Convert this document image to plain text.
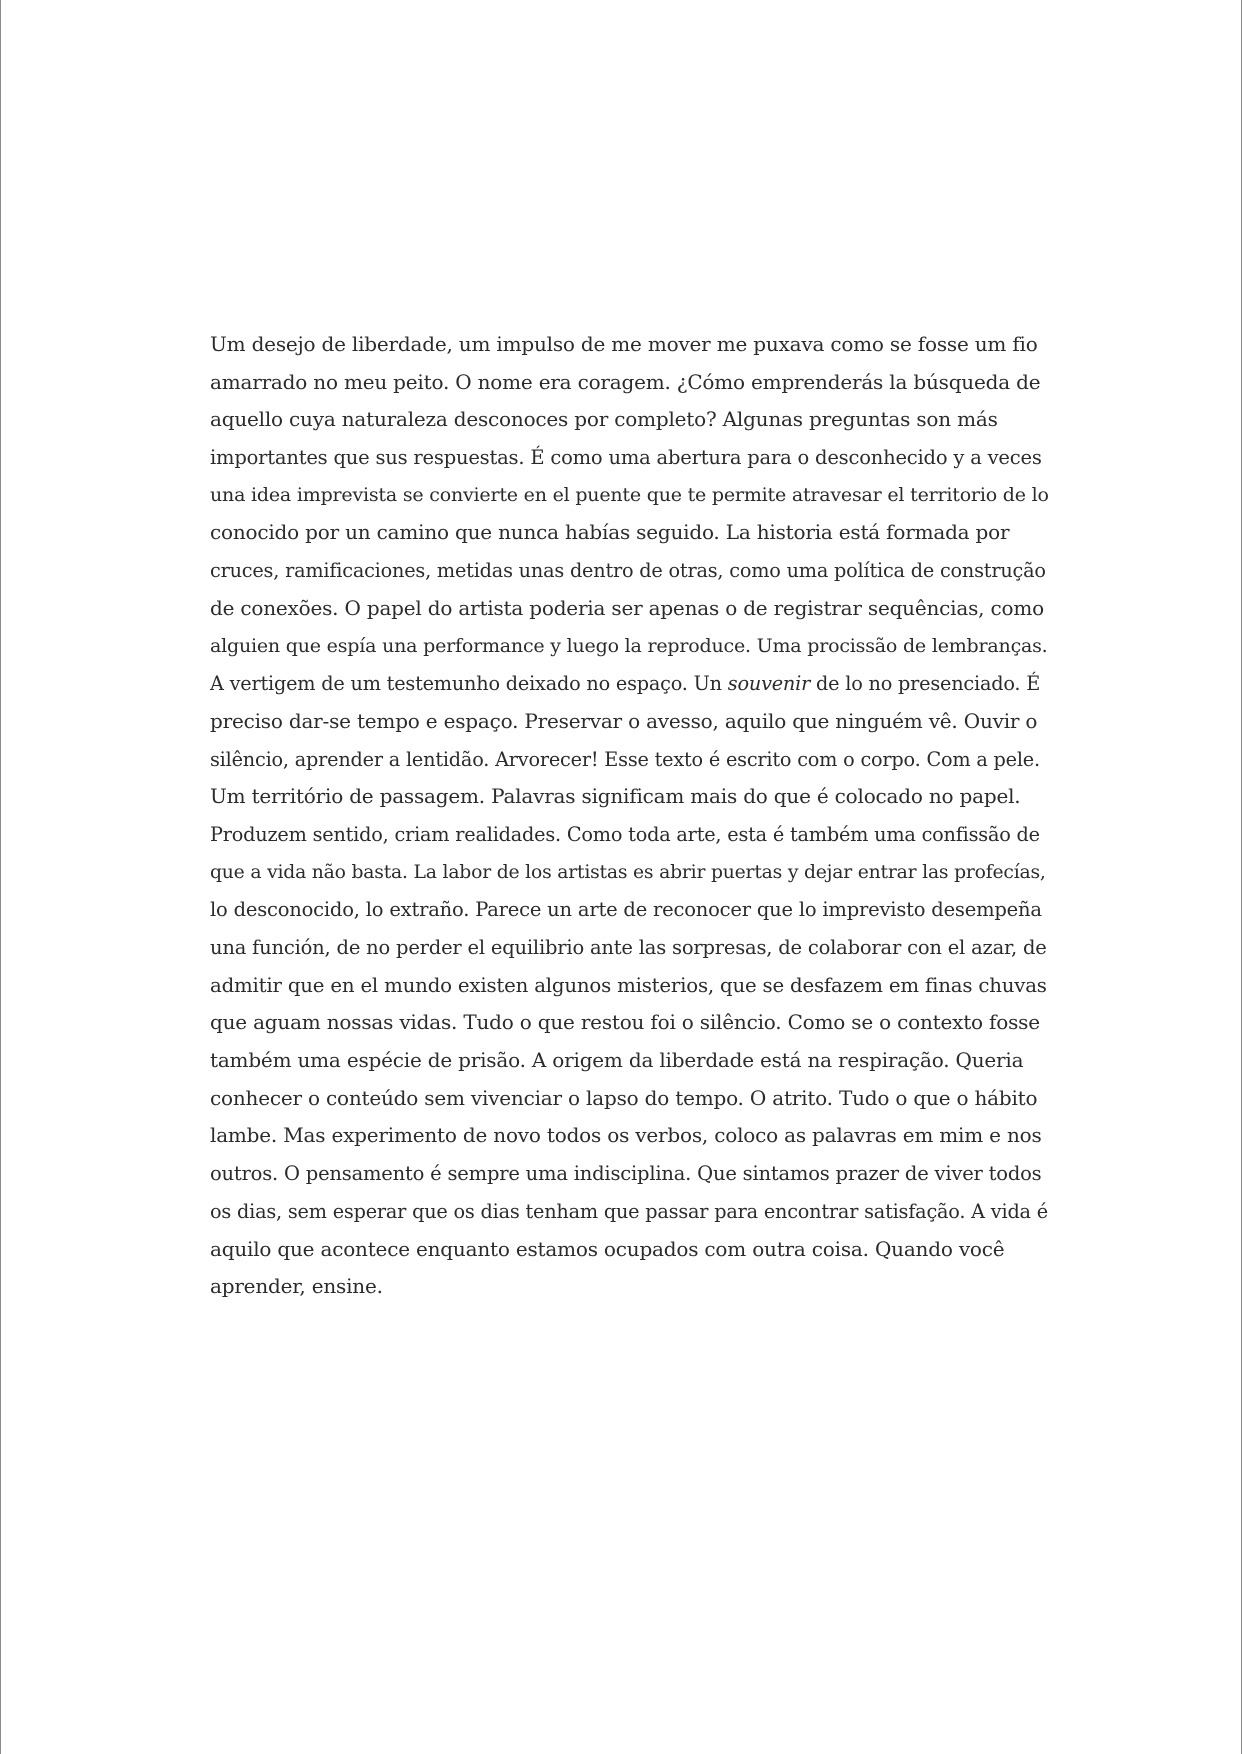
Um desejo de liberdade, um impulso de me mover me puxava como se fosse um fio
amarrado no meu peito. O nome era coragem. ¿Cómo emprenderás la búsqueda de
aquello cuya naturaleza desconoces por completo? Algunas preguntas son más
importantes que sus respuestas. É como uma abertura para o desconhecido y a veces
una idea imprevista se convierte en el puente que te permite atravesar el territorio de lo
conocido por un camino que nunca habías seguido. La historia está formada por
cruces, ramificaciones, metidas unas dentro de otras, como uma política de construção
de conexões. O papel do artista poderia ser apenas o de registrar sequências, como
alguien que espía una performance y luego la reproduce. Uma procissão de lembranças.
A vertigem de um testemunho deixado no espaço. Un souvenir de lo no presenciado. É
preciso dar-se tempo e espaço. Preservar o avesso, aquilo que ninguém vê. Ouvir o
silêncio, aprender a lentidão. Arvorecer! Esse texto é escrito com o corpo. Com a pele.
Um território de passagem. Palavras significam mais do que é colocado no papel.
Produzem sentido, criam realidades. Como toda arte, esta é também uma confissão de
que a vida não basta. La labor de los artistas es abrir puertas y dejar entrar las profecías,
lo desconocido, lo extraño. Parece un arte de reconocer que lo imprevisto desempeña
una función, de no perder el equilibrio ante las sorpresas, de colaborar con el azar, de
admitir que en el mundo existen algunos misterios, que se desfazem em finas chuvas
que aguam nossas vidas. Tudo o que restou foi o silêncio. Como se o contexto fosse
também uma espécie de prisão. A origem da liberdade está na respiração. Queria
conhecer o conteúdo sem vivenciar o lapso do tempo. O atrito. Tudo o que o hábito
lambe. Mas experimento de novo todos os verbos, coloco as palavras em mim e nos
outros. O pensamento é sempre uma indisciplina. Que sintamos prazer de viver todos
os dias, sem esperar que os dias tenham que passar para encontrar satisfação. A vida é
aquilo que acontece enquanto estamos ocupados com outra coisa. Quando você
aprender, ensine.
